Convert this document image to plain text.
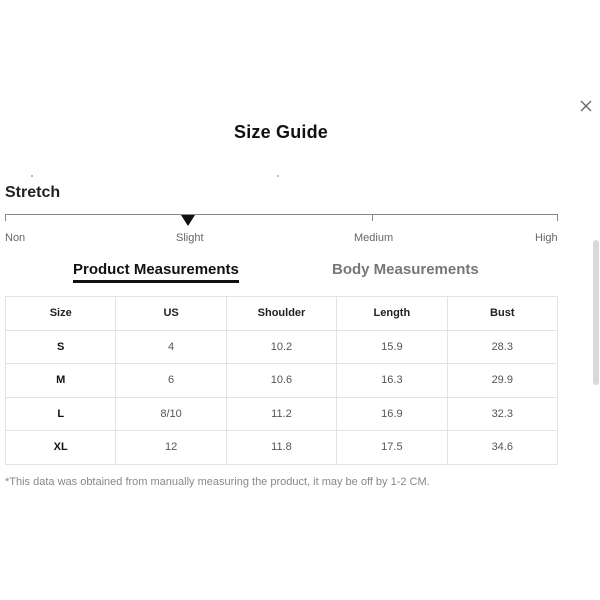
Size Guide
Stretch
Non	Slight	Medium	High
Product Measurements	Body Measurements
Size	US	Shoulder	Length	Bust
S	4	10.2	15.9	28.3
M	6	10.6	16.3	29.9
L	8/10	11.2	16.9	32.3
XL	12	11.8	17.5	34.6
*This data was obtained from manually measuring the product, it may be off by 1-2 CM.
